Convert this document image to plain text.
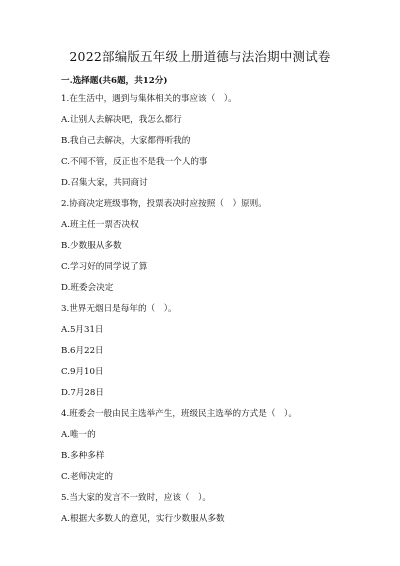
2022部编版五年级上册道德与法治期中测试卷
一.选择题(共6题，共12分)
1.在生活中，遇到与集体相关的事应该（　）。
A.让别人去解决吧，我怎么都行
B.我自己去解决，大家都得听我的
C.不闻不管，反正也不是我一个人的事
D.召集大家，共同商讨
2.协商决定班级事物，投票表决时应按照（　）原则。
A.班主任一票否决权
B.少数服从多数
C.学习好的同学说了算
D.班委会决定
3.世界无烟日是每年的（　）。
A.5月31日
B.6月22日
C.9月10日
D.7月28日
4.班委会一般由民主选举产生，班级民主选举的方式是（　）。
A.唯一的
B.多种多样
C.老师决定的
5.当大家的发言不一致时，应该（　）。
A.根据大多数人的意见，实行少数服从多数
